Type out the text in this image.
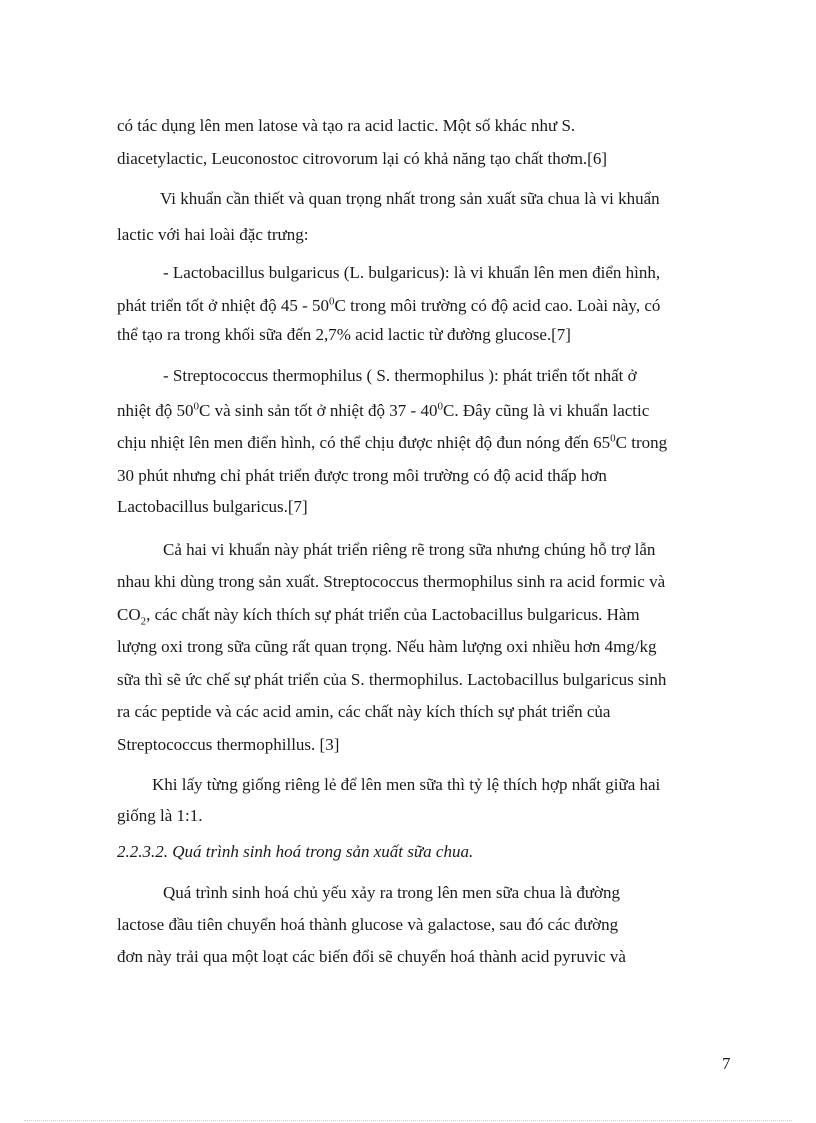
có tác dụng lên men latose và tạo ra acid lactic. Một số khác như S.
diacetylactic, Leuconostoc citrovorum lại có khả năng tạo chất thơm.[6]
Vi khuẩn cần thiết và quan trọng nhất trong sản xuất sữa chua là vi khuẩn
lactic với hai loài đặc trưng:
- Lactobacillus bulgaricus (L. bulgaricus): là vi khuẩn lên men điển hình,
phát triển tốt ở nhiệt độ $45 - 50^0C$ trong môi trường có độ acid cao. Loài này, có
thể tạo ra trong khối sữa đến 2,7% acid lactic từ đường glucose.[7]
- Streptococcus thermophilus ( S. thermophilus ): phát triển tốt nhất ở
nhiệt độ $50^0C$ và sinh sản tốt ở nhiệt độ $37 - 40^0C$. Đây cũng là vi khuẩn lactic
chịu nhiệt lên men điển hình, có thể chịu được nhiệt độ đun nóng đến $65^0C$ trong
30 phút nhưng chỉ phát triển được trong môi trường có độ acid thấp hơn
Lactobacillus bulgaricus.[7]
Cả hai vi khuẩn này phát triển riêng rẽ trong sữa nhưng chúng hỗ trợ lẫn
nhau khi dùng trong sản xuất. Streptococcus thermophilus sinh ra acid formic và
$CO_2$, các chất này kích thích sự phát triển của Lactobacillus bulgaricus. Hàm
lượng oxi trong sữa cũng rất quan trọng. Nếu hàm lượng oxi nhiều hơn 4mg/kg
sữa thì sẽ ức chế sự phát triển của S. thermophilus. Lactobacillus bulgaricus sinh
ra các peptide và các acid amin, các chất này kích thích sự phát triển của
Streptococcus thermophillus. [3]
Khi lấy từng giống riêng lẻ để lên men sữa thì tỷ lệ thích hợp nhất giữa hai
giống là 1:1.
2.2.3.2. Quá trình sinh hoá trong sản xuất sữa chua.
Quá trình sinh hoá chủ yếu xảy ra trong lên men sữa chua là đường
lactose đầu tiên chuyển hoá thành glucose và galactose, sau đó các đường
đơn này trải qua một loạt các biến đổi sẽ chuyển hoá thành acid pyruvic và
7
